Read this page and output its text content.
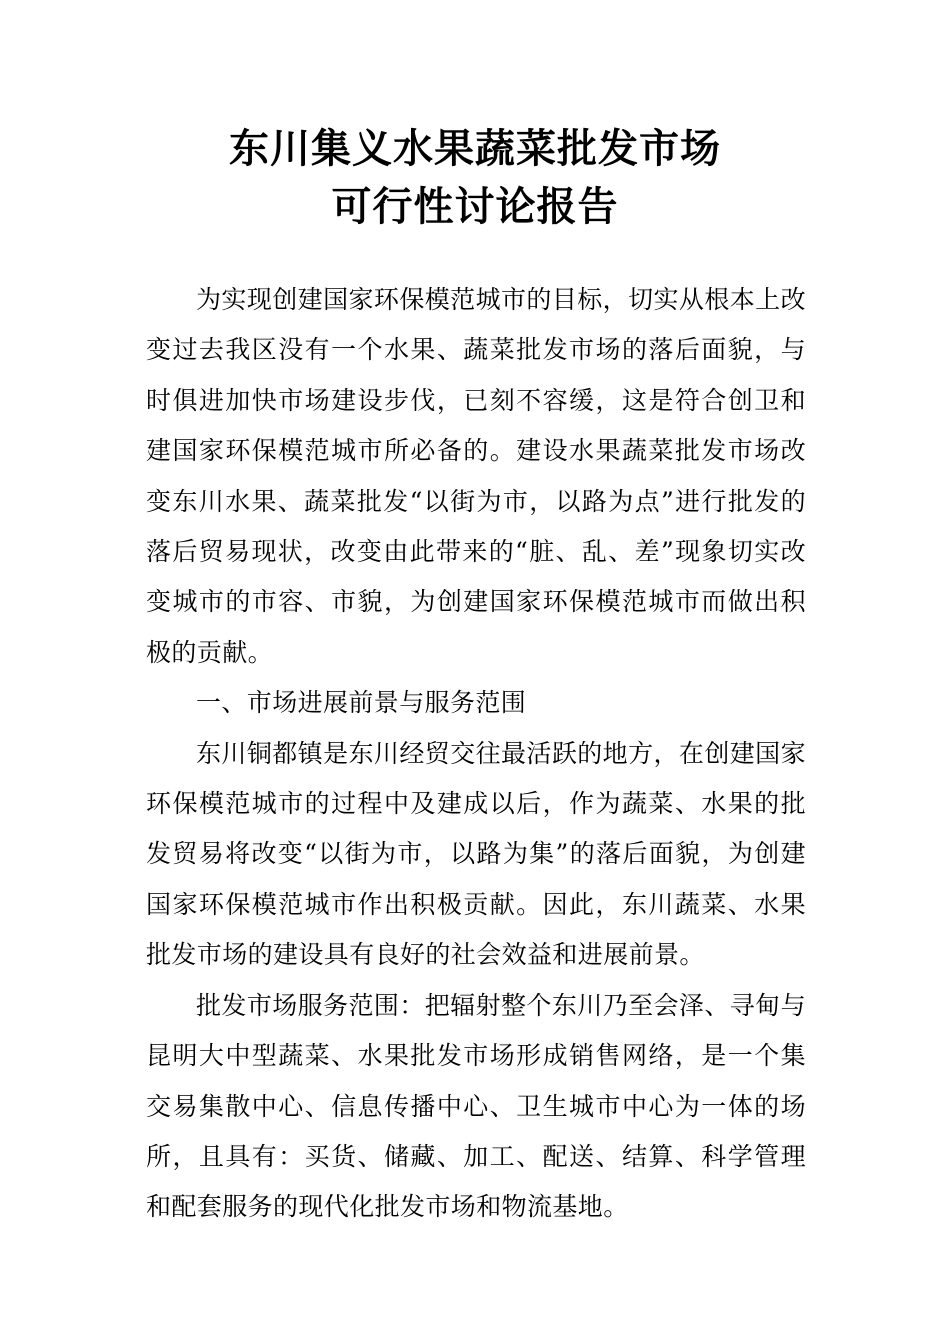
东川集义水果蔬菜批发市场
可行性讨论报告

为实现创建国家环保模范城市的目标，切实从根本上改变过去我区没有一个水果、蔬菜批发市场的落后面貌，与时俱进加快市场建设步伐，已刻不容缓，这是符合创卫和建国家环保模范城市所必备的。建设水果蔬菜批发市场改变东川水果、蔬菜批发“以街为市，以路为点”进行批发的落后贸易现状，改变由此带来的“脏、乱、差”现象切实改变城市的市容、市貌，为创建国家环保模范城市而做出积极的贡献。

一、市场进展前景与服务范围

东川铜都镇是东川经贸交往最活跃的地方，在创建国家环保模范城市的过程中及建成以后，作为蔬菜、水果的批发贸易将改变“以街为市，以路为集”的落后面貌，为创建国家环保模范城市作出积极贡献。因此，东川蔬菜、水果批发市场的建设具有良好的社会效益和进展前景。

批发市场服务范围：把辐射整个东川乃至会泽、寻甸与昆明大中型蔬菜、水果批发市场形成销售网络，是一个集交易集散中心、信息传播中心、卫生城市中心为一体的场所，且具有：买货、储藏、加工、配送、结算、科学管理和配套服务的现代化批发市场和物流基地。
